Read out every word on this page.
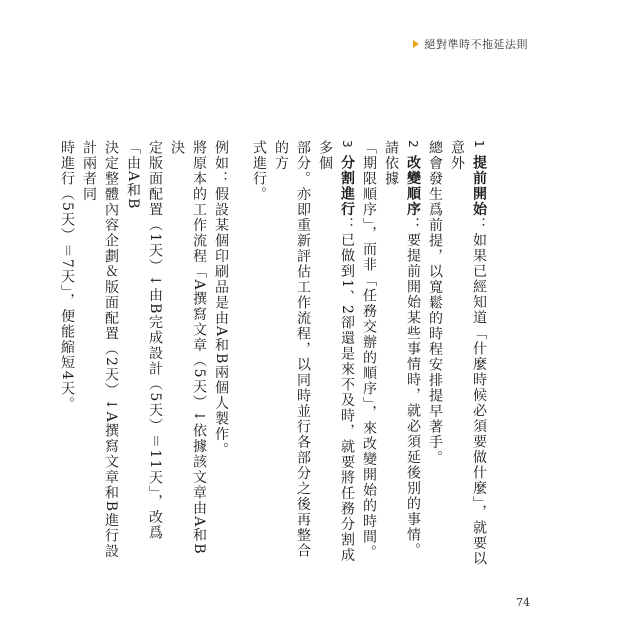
絕對準時不拖延法則

1 提前開始：如果已經知道「什麼時候必須要做什麼」，就要以意外

總會發生爲前提，以寬鬆的時程安排提早著手。

2 改變順序：要提前開始某些事情時，就必須延後別的事情。請依據

「期限順序」，而非「任務交辦的順序」，來改變開始的時間。

3 分割進行：已做到1、2卻還是來不及時，就要將任務分割成多個

部分。亦即重新評估工作流程，以同時並行各部分之後再整合的方

式進行。

例如：假設某個印刷品是由A和B兩個人製作。

將原本的工作流程「A撰寫文章（5天）↓依據該文章由A和B決

定版面配置（1天）↓由B完成設計（5天）＝11天」，改爲「由A和B

決定整體內容企劃＆版面配置（2天）↓A撰寫文章和B進行設計兩者同

時進行（5天）＝7天」，便能縮短4天。

74
